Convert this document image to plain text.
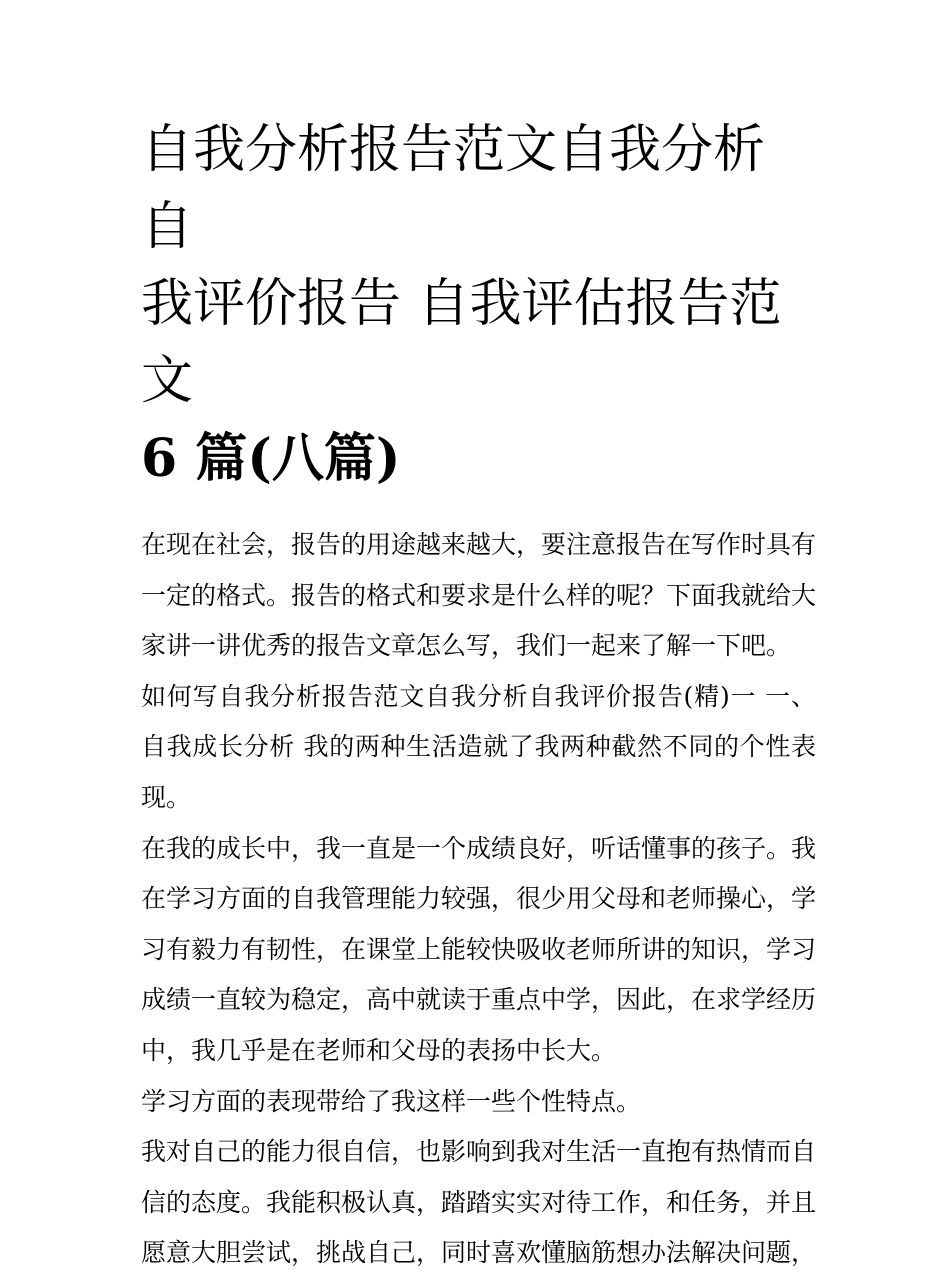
自我分析报告范文自我分析自
我评价报告 自我评估报告范文
6 篇(八篇)

在现在社会，报告的用途越来越大，要注意报告在写作时具有一定的格式。报告的格式和要求是什么样的呢？下面我就给大家讲一讲优秀的报告文章怎么写，我们一起来了解一下吧。

如何写自我分析报告范文自我分析自我评价报告(精)一 一、自我成长分析 我的两种生活造就了我两种截然不同的个性表现。

在我的成长中，我一直是一个成绩良好，听话懂事的孩子。我在学习方面的自我管理能力较强，很少用父母和老师操心，学习有毅力有韧性，在课堂上能较快吸收老师所讲的知识，学习成绩一直较为稳定，高中就读于重点中学，因此，在求学经历中，我几乎是在老师和父母的表扬中长大。

学习方面的表现带给了我这样一些个性特点。

我对自己的能力很自信，也影响到我对生活一直抱有热情而自信的态度。我能积极认真，踏踏实实对待工作，和任务，并且愿意大胆尝试，挑战自己，同时喜欢懂脑筋想办法解决问题，
